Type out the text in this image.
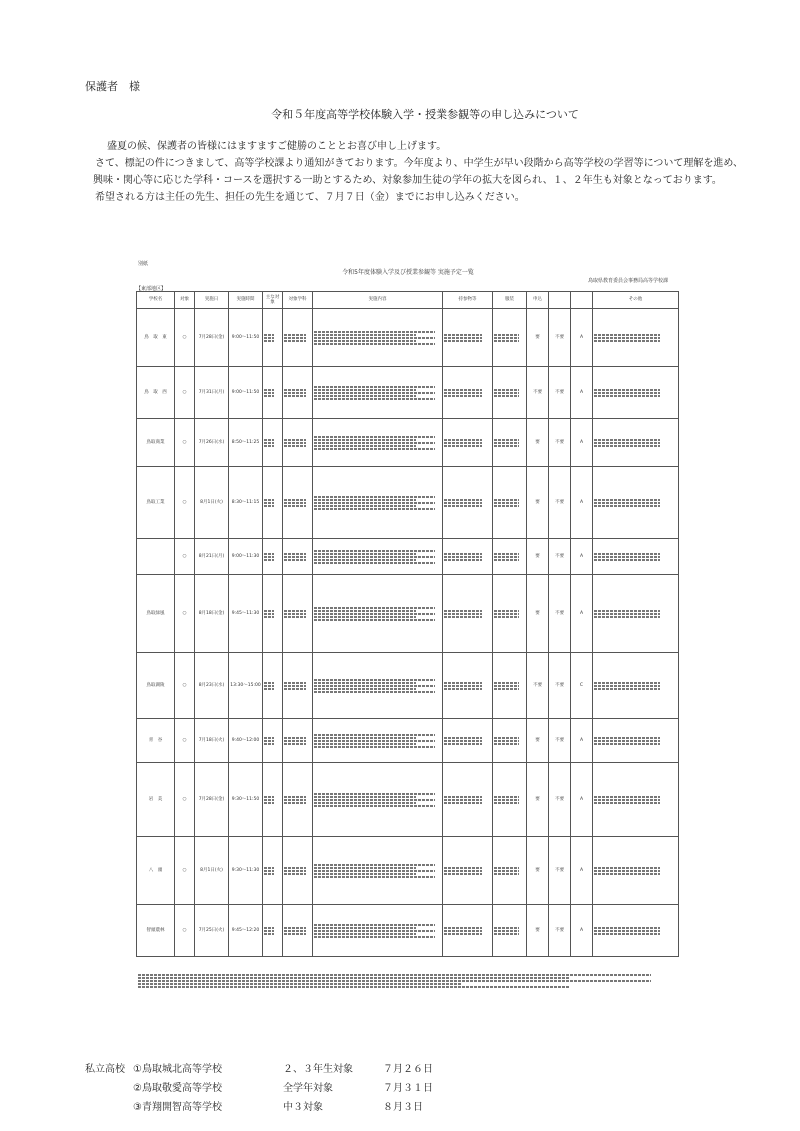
保護者　様
令和５年度高等学校体験入学・授業参観等の申し込みについて

盛夏の候、保護者の皆様にはますますご健勝のこととお喜び申し上げます。

さて、標記の件につきまして、高等学校課より通知がきております。今年度より、中学生が早い段階から高等学校の学習等について理解を進め、興味・関心等に応じた学科・コースを選択する一助とするため、対象参加生徒の学年の拡大を図られ、１、２年生も対象となっております。

希望される方は主任の先生、担任の先生を通じて、７月７日（金）までにお申し込みください。

別紙
令和5年度体験入学及び授業参観等 実施予定一覧
鳥取県教育委員会事務局高等学校課
【東部地区】
学校名	対象	実施日	実施時間	主な対象	対象学科	実施内容	持参物等	服装	申込			その他
鳥　取　東	○	7月28日(金)	9:00～11:50						要	不要	A	

鳥　取　西	○	7月31日(月)	9:00～11:50						不要	不要	A	

鳥取商業	○	7月26日(水)	8:50～11:25						要	不要	A	

鳥取工業	○	8月1日(火)	8:30～11:15						要	不要	A	

	○	8月21日(月)	9:00～11:30						要	不要	A	

鳥取緑風	○	8月18日(金)	9:45～11:30						要	不要	A	

鳥取湖陵	○	8月23日(水)	13:30～15:00						不要	不要	C	

青　谷	○	7月18日(火)	9:40～12:00						要	不要	A	

岩　美	○	7月28日(金)	9:30～11:50						要	不要	A	

八　頭	○	8月1日(火)	9:30～11:30						要	不要	A	

智頭農林	○	7月25日(火)	9:45～12:20						要	不要	A	
私立高校 ①鳥取城北高等学校	２、３年生対象	７月２６日
②鳥取敬愛高等学校	全学年対象	７月３１日
③青翔開智高等学校	中３対象	８月３日
